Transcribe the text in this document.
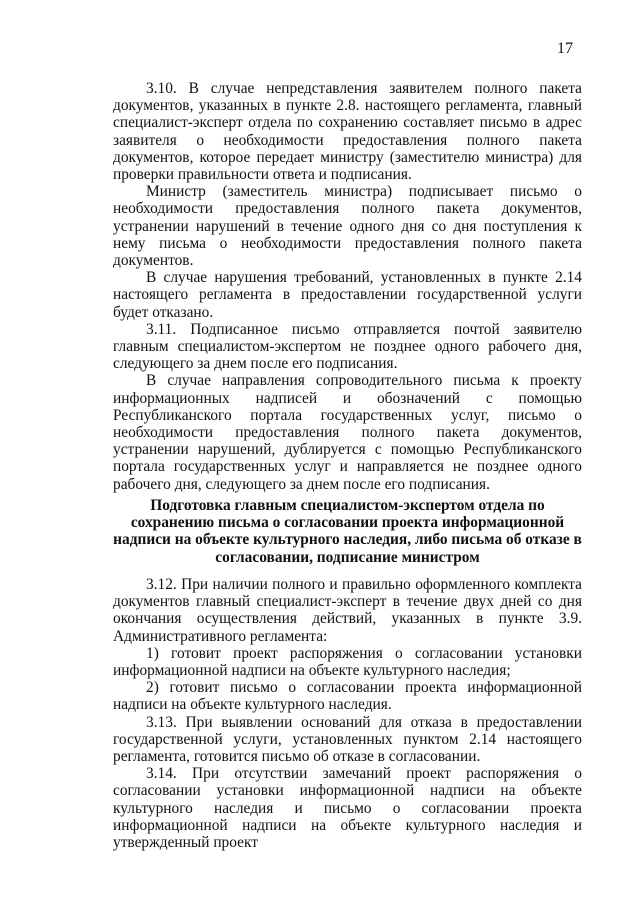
17

3.10. В случае непредставления заявителем полного пакета документов, указанных в пункте 2.8. настоящего регламента, главный специалист-эксперт отдела по сохранению составляет письмо в адрес заявителя о необходимости предоставления полного пакета документов, которое передает министру (заместителю министра) для проверки правильности ответа и подписания.

Министр (заместитель министра) подписывает письмо о необходимости предоставления полного пакета документов, устранении нарушений в течение одного дня со дня поступления к нему письма о необходимости предоставления полного пакета документов.

В случае нарушения требований, установленных в пункте 2.14 настоящего регламента в предоставлении государственной услуги будет отказано.

3.11. Подписанное письмо отправляется почтой заявителю главным специалистом-экспертом не позднее одного рабочего дня, следующего за днем после его подписания.

В случае направления сопроводительного письма к проекту информационных надписей и обозначений с помощью Республиканского портала государственных услуг, письмо о необходимости предоставления полного пакета документов, устранении нарушений, дублируется с помощью Республиканского портала государственных услуг и направляется не позднее одного рабочего дня, следующего за днем после его подписания.

Подготовка главным специалистом-экспертом отдела по сохранению письма о согласовании проекта информационной надписи на объекте культурного наследия, либо письма об отказе в согласовании, подписание министром

3.12. При наличии полного и правильно оформленного комплекта документов главный специалист-эксперт в течение двух дней со дня окончания осуществления действий, указанных в пункте 3.9. Административного регламента:

1) готовит проект распоряжения о согласовании установки информационной надписи на объекте культурного наследия;

2) готовит письмо о согласовании проекта информационной надписи на объекте культурного наследия.

3.13. При выявлении оснований для отказа в предоставлении государственной услуги, установленных пунктом 2.14 настоящего регламента, готовится письмо об отказе в согласовании.

3.14. При отсутствии замечаний проект распоряжения о согласовании установки информационной надписи на объекте культурного наследия и письмо о согласовании проекта информационной надписи на объекте культурного наследия и утвержденный проект
